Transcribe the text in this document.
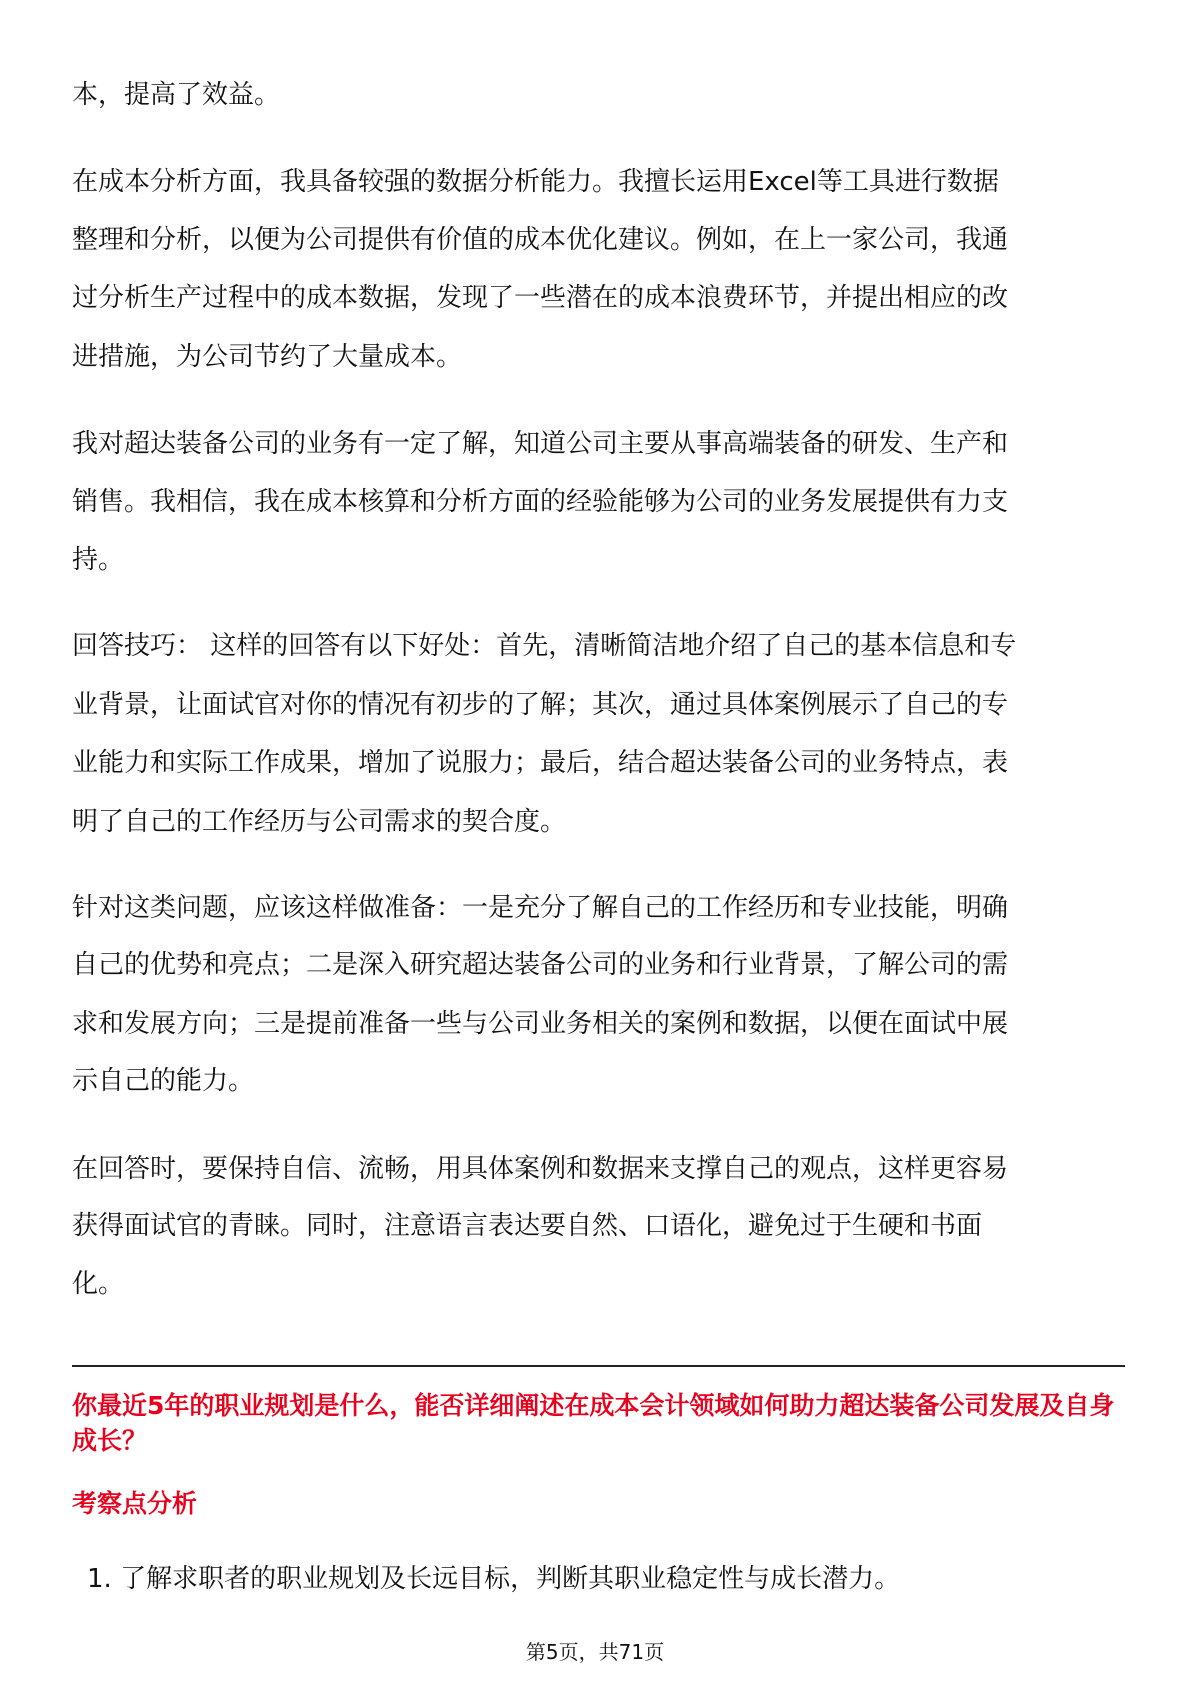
本，提高了效益。
在成本分析方面，我具备较强的数据分析能力。我擅长运用Excel等工具进行数据
整理和分析，以便为公司提供有价值的成本优化建议。例如，在上一家公司，我通
过分析生产过程中的成本数据，发现了一些潜在的成本浪费环节，并提出相应的改
进措施，为公司节约了大量成本。
我对超达装备公司的业务有一定了解，知道公司主要从事高端装备的研发、生产和
销售。我相信，我在成本核算和分析方面的经验能够为公司的业务发展提供有力支
持。
回答技巧： 这样的回答有以下好处：首先，清晰简洁地介绍了自己的基本信息和专
业背景，让面试官对你的情况有初步的了解；其次，通过具体案例展示了自己的专
业能力和实际工作成果，增加了说服力；最后，结合超达装备公司的业务特点，表
明了自己的工作经历与公司需求的契合度。
针对这类问题，应该这样做准备：一是充分了解自己的工作经历和专业技能，明确
自己的优势和亮点；二是深入研究超达装备公司的业务和行业背景，了解公司的需
求和发展方向；三是提前准备一些与公司业务相关的案例和数据，以便在面试中展
示自己的能力。
在回答时，要保持自信、流畅，用具体案例和数据来支撑自己的观点，这样更容易
获得面试官的青睐。同时，注意语言表达要自然、口语化，避免过于生硬和书面
化。
你最近5年的职业规划是什么，能否详细阐述在成本会计领域如何助力超达装备公司发展及自身成长？
考察点分析
1. 了解求职者的职业规划及长远目标，判断其职业稳定性与成长潜力。
第5页，共71页
